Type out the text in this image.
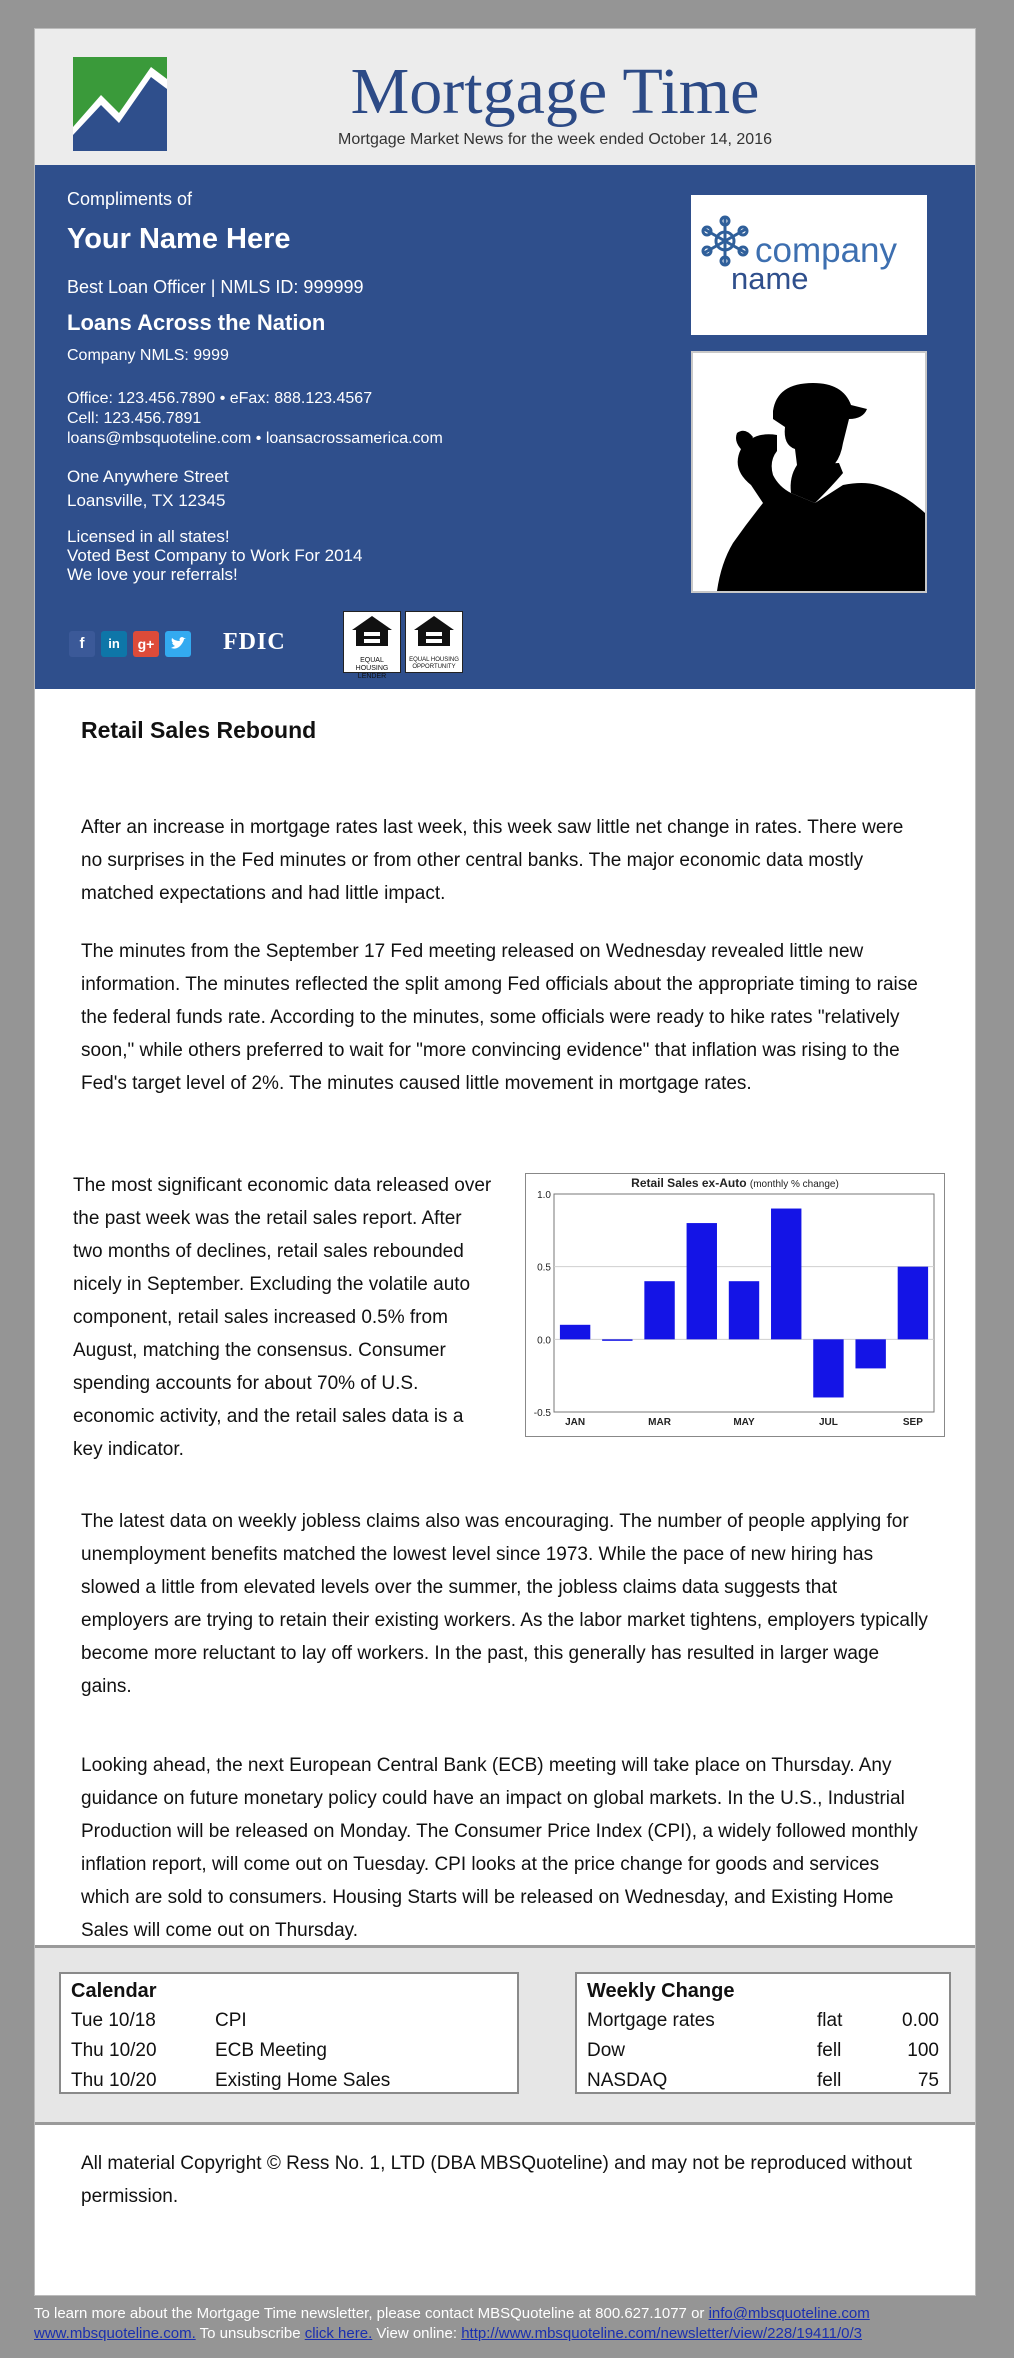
Mortgage Time
Mortgage Market News for the week ended October 14, 2016
Compliments of
Your Name Here
Best Loan Officer | NMLS ID: 999999
Loans Across the Nation
Company NMLS: 9999
Office: 123.456.7890 • eFax: 888.123.4567
Cell: 123.456.7891
loans@mbsquoteline.com • loansacrossamerica.com
One Anywhere Street
Loansville, TX 12345
Licensed in all states!
Voted Best Company to Work For 2014
We love your referrals!
company
name
f	in	g+	FDIC
EQUAL HOUSING LENDER
EQUAL HOUSING OPPORTUNITY
Retail Sales Rebound

After an increase in mortgage rates last week, this week saw little net change in rates. There were no surprises in the Fed minutes or from other central banks. The major economic data mostly matched expectations and had little impact.

The minutes from the September 17 Fed meeting released on Wednesday revealed little new information. The minutes reflected the split among Fed officials about the appropriate timing to raise the federal funds rate. According to the minutes, some officials were ready to hike rates "relatively soon," while others preferred to wait for "more convincing evidence" that inflation was rising to the Fed's target level of 2%. The minutes caused little movement in mortgage rates.

The most significant economic data released over the past week was the retail sales report. After two months of declines, retail sales rebounded nicely in September. Excluding the volatile auto component, retail sales increased 0.5% from August, matching the consensus. Consumer spending accounts for about 70% of U.S. economic activity, and the retail sales data is a key indicator.

Retail Sales ex-Auto (monthly % change)
1.0
0.5
0.0
-0.5
JAN	MAR	MAY	JUL	SEP

The latest data on weekly jobless claims also was encouraging. The number of people applying for unemployment benefits matched the lowest level since 1973. While the pace of new hiring has slowed a little from elevated levels over the summer, the jobless claims data suggests that employers are trying to retain their existing workers. As the labor market tightens, employers typically become more reluctant to lay off workers. In the past, this generally has resulted in larger wage gains.

Looking ahead, the next European Central Bank (ECB) meeting will take place on Thursday. Any guidance on future monetary policy could have an impact on global markets. In the U.S., Industrial Production will be released on Monday. The Consumer Price Index (CPI), a widely followed monthly inflation report, will come out on Tuesday. CPI looks at the price change for goods and services which are sold to consumers. Housing Starts will be released on Wednesday, and Existing Home Sales will come out on Thursday.

Calendar
Tue 10/18	CPI
Thu 10/20	ECB Meeting
Thu 10/20	Existing Home Sales
Weekly Change
Mortgage rates	flat	0.00
Dow	fell	100
NASDAQ	fell	75

All material Copyright © Ress No. 1, LTD (DBA MBSQuoteline) and may not be reproduced without permission.

To learn more about the Mortgage Time newsletter, please contact MBSQuoteline at 800.627.1077 or info@mbsquoteline.com
www.mbsquoteline.com. To unsubscribe click here. View online: http://www.mbsquoteline.com/newsletter/view/228/19411/0/3
